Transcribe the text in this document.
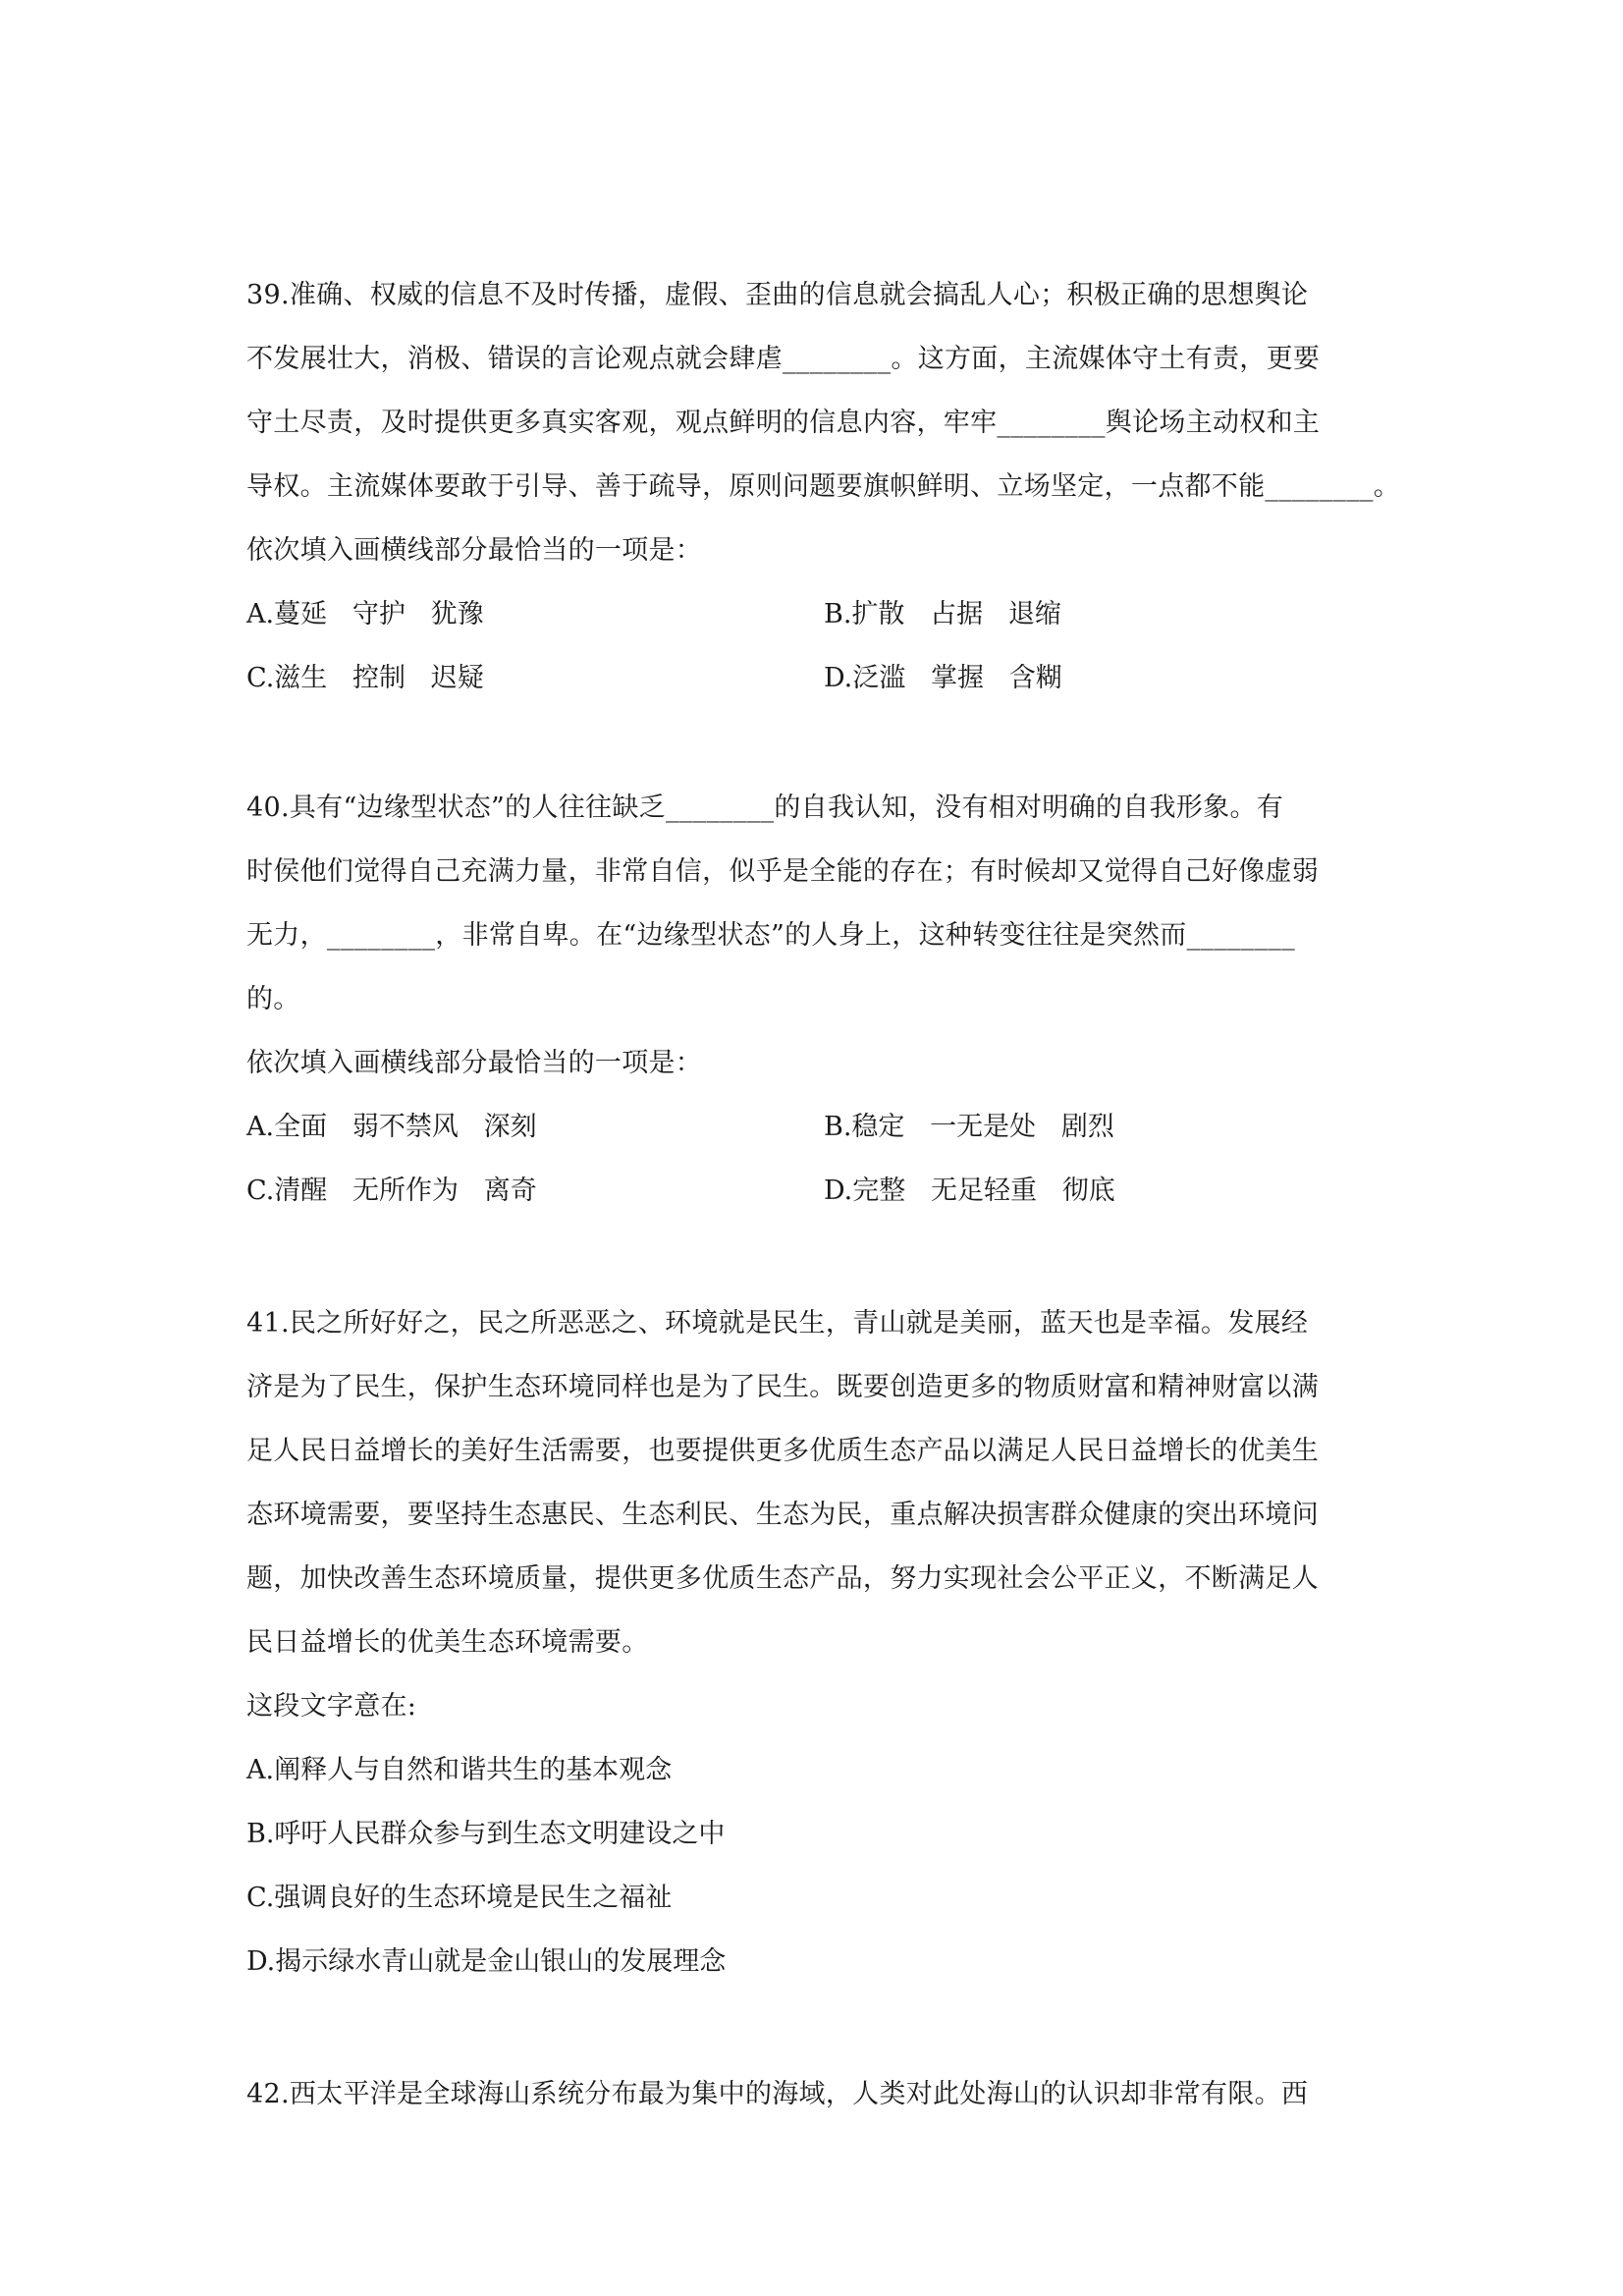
39.准确、权威的信息不及时传播，虚假、歪曲的信息就会搞乱人心；积极正确的思想舆论
不发展壮大，消极、错误的言论观点就会肆虐________。这方面，主流媒体守土有责，更要
守土尽责，及时提供更多真实客观，观点鲜明的信息内容，牢牢________舆论场主动权和主
导权。主流媒体要敢于引导、善于疏导，原则问题要旗帜鲜明、立场坚定，一点都不能________。
依次填入画横线部分最恰当的一项是：
A.蔓延   守护   犹豫	B.扩散   占据   退缩
C.滋生   控制   迟疑	D.泛滥   掌握   含糊
40.具有“边缘型状态”的人往往缺乏________的自我认知，没有相对明确的自我形象。有
时侯他们觉得自己充满力量，非常自信，似乎是全能的存在；有时候却又觉得自己好像虚弱
无力，________，非常自卑。在“边缘型状态”的人身上，这种转变往往是突然而________
的。
依次填入画横线部分最恰当的一项是：
A.全面   弱不禁风   深刻	B.稳定   一无是处   剧烈
C.清醒   无所作为   离奇	D.完整   无足轻重   彻底
41.民之所好好之，民之所恶恶之、环境就是民生，青山就是美丽，蓝天也是幸福。发展经
济是为了民生，保护生态环境同样也是为了民生。既要创造更多的物质财富和精神财富以满
足人民日益增长的美好生活需要，也要提供更多优质生态产品以满足人民日益增长的优美生
态环境需要，要坚持生态惠民、生态利民、生态为民，重点解决损害群众健康的突出环境问
题，加快改善生态环境质量，提供更多优质生态产品，努力实现社会公平正义，不断满足人
民日益增长的优美生态环境需要。
这段文字意在:
A.阐释人与自然和谐共生的基本观念
B.呼吁人民群众参与到生态文明建设之中
C.强调良好的生态环境是民生之福祉
D.揭示绿水青山就是金山银山的发展理念
42.西太平洋是全球海山系统分布最为集中的海域，人类对此处海山的认识却非常有限。西
